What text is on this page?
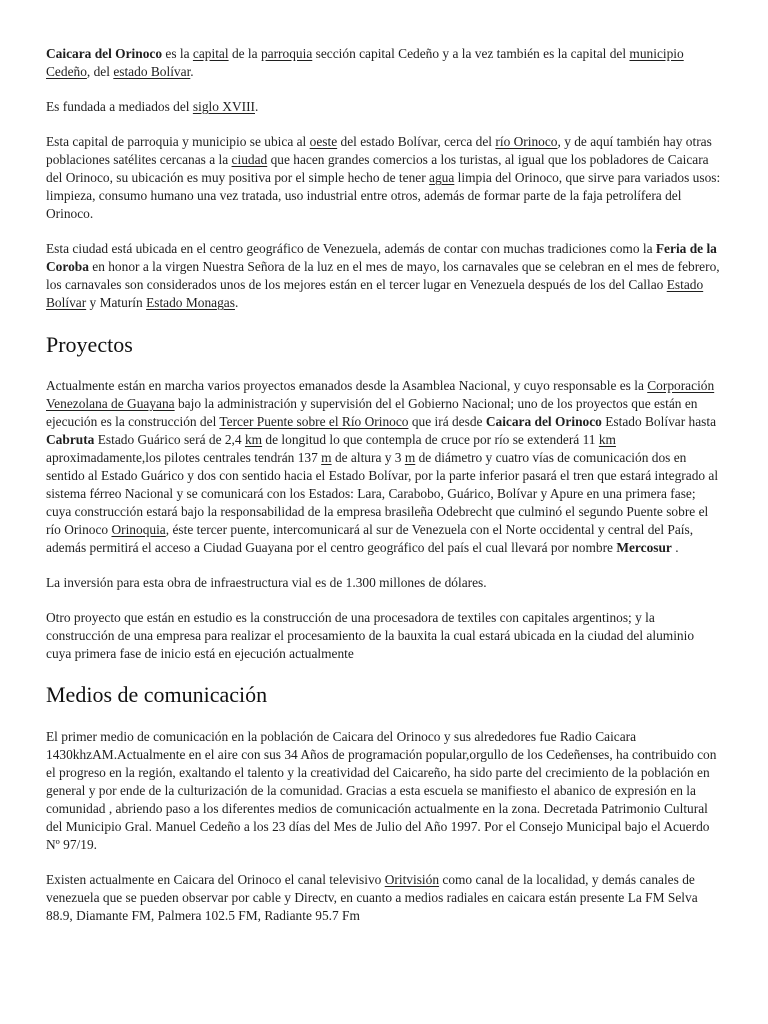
Caicara del Orinoco es la capital de la parroquia sección capital Cedeño y a la vez también es la capital del municipio Cedeño, del estado Bolívar.

Es fundada a mediados del siglo XVIII.

Esta capital de parroquia y municipio se ubica al oeste del estado Bolívar, cerca del río Orinoco, y de aquí también hay otras poblaciones satélites cercanas a la ciudad que hacen grandes comercios a los turistas, al igual que los pobladores de Caicara del Orinoco, su ubicación es muy positiva por el simple hecho de tener agua limpia del Orinoco, que sirve para variados usos: limpieza, consumo humano una vez tratada, uso industrial entre otros, además de formar parte de la faja petrolífera del Orinoco.

Esta ciudad está ubicada en el centro geográfico de Venezuela, además de contar con muchas tradiciones como la Feria de la Coroba en honor a la virgen Nuestra Señora de la luz en el mes de mayo, los carnavales que se celebran en el mes de febrero, los carnavales son considerados unos de los mejores están en el tercer lugar en Venezuela después de los del Callao Estado Bolívar y Maturín Estado Monagas.

Proyectos

Actualmente están en marcha varios proyectos emanados desde la Asamblea Nacional, y cuyo responsable es la Corporación Venezolana de Guayana bajo la administración y supervisión del el Gobierno Nacional; uno de los proyectos que están en ejecución es la construcción del Tercer Puente sobre el Río Orinoco que irá desde Caicara del Orinoco Estado Bolívar hasta Cabruta Estado Guárico será de 2,4 km de longitud lo que contempla de cruce por río se extenderá 11 km aproximadamente,los pilotes centrales tendrán 137 m de altura y 3 m de diámetro y cuatro vías de comunicación dos en sentido al Estado Guárico y dos con sentido hacia el Estado Bolívar, por la parte inferior pasará el tren que estará integrado al sistema férreo Nacional y se comunicará con los Estados: Lara, Carabobo, Guárico, Bolívar y Apure en una primera fase; cuya construcción estará bajo la responsabilidad de la empresa brasileña Odebrecht que culminó el segundo Puente sobre el río Orinoco Orinoquia, éste tercer puente, intercomunicará al sur de Venezuela con el Norte occidental y central del País, además permitirá el acceso a Ciudad Guayana por el centro geográfico del país el cual llevará por nombre Mercosur .

La inversión para esta obra de infraestructura vial es de 1.300 millones de dólares.

Otro proyecto que están en estudio es la construcción de una procesadora de textiles con capitales argentinos; y la construcción de una empresa para realizar el procesamiento de la bauxita la cual estará ubicada en la ciudad del aluminio cuya primera fase de inicio está en ejecución actualmente

Medios de comunicación

El primer medio de comunicación en la población de Caicara del Orinoco y sus alrededores fue Radio Caicara 1430khzAM.Actualmente en el aire con sus 34 Años de programación popular,orgullo de los Cedeñenses, ha contribuido con el progreso en la región, exaltando el talento y la creatividad del Caicareño, ha sido parte del crecimiento de la población en general y por ende de la culturización de la comunidad. Gracias a esta escuela se manifiesto el abanico de expresión en la comunidad , abriendo paso a los diferentes medios de comunicación actualmente en la zona. Decretada Patrimonio Cultural del Municipio Gral. Manuel Cedeño a los 23 días del Mes de Julio del Año 1997. Por el Consejo Municipal bajo el Acuerdo Nº 97/19.

Existen actualmente en Caicara del Orinoco el canal televisivo Oritvisión como canal de la localidad, y demás canales de venezuela que se pueden observar por cable y Directv, en cuanto a medios radiales en caicara están presente La FM Selva 88.9, Diamante FM, Palmera 102.5 FM, Radiante 95.7 Fm
